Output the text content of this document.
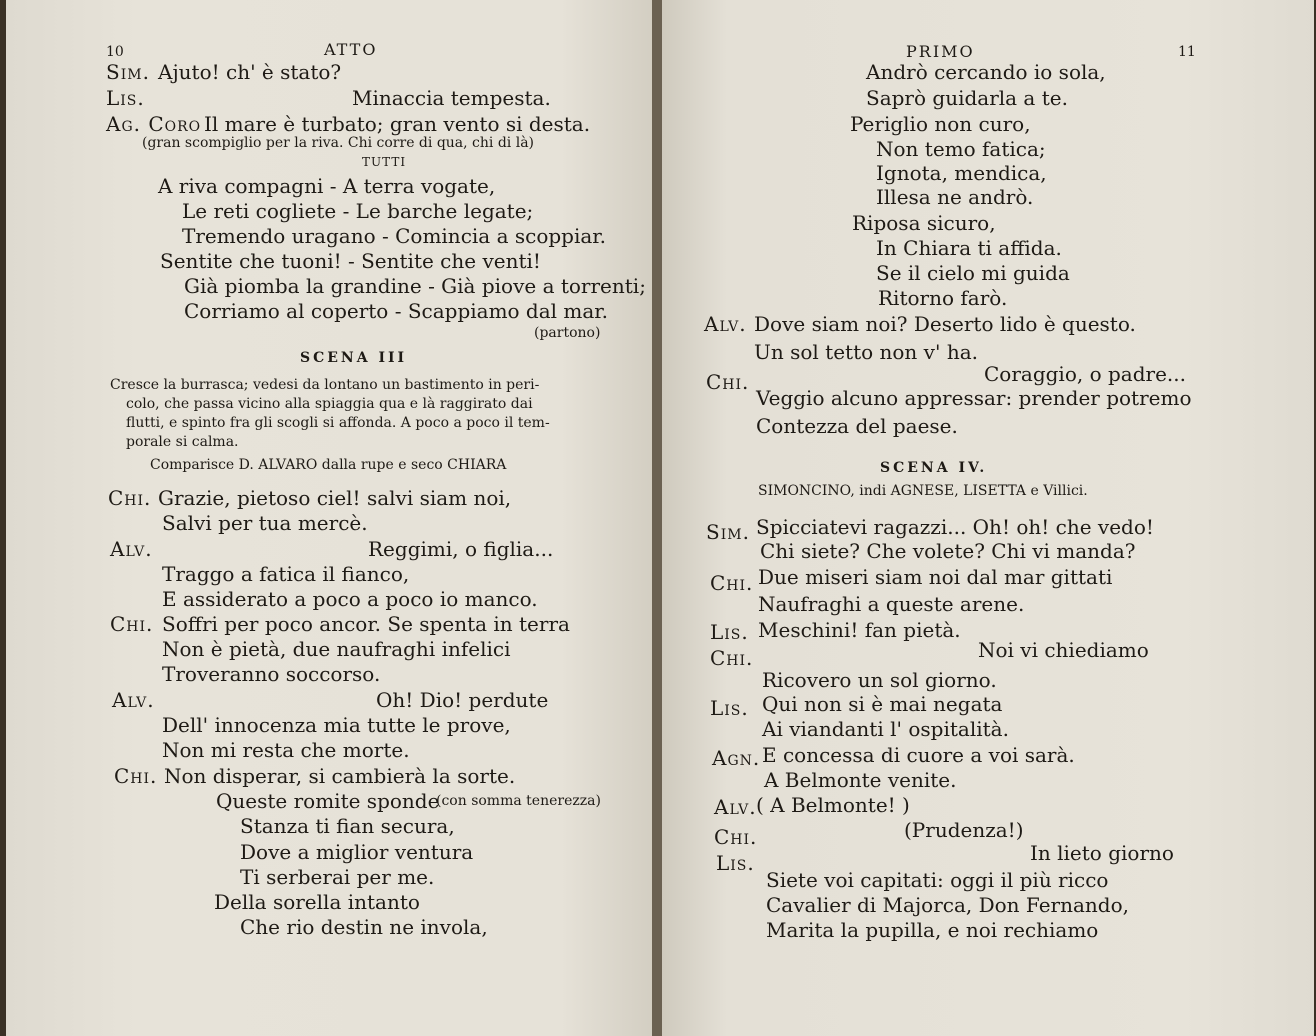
10	ATTO
Sim. Ajuto! ch' è stato?
Lis.	Minaccia tempesta.
Ag. Coro Il mare è turbato; gran vento si desta.
(gran scompiglio per la riva. Chi corre di qua, chi di là)
TUTTI
A riva compagni - A terra vogate,
Le reti cogliete - Le barche legate;
Tremendo uragano - Comincia a scoppiar.
Sentite che tuoni! - Sentite che venti!
Già piomba la grandine - Già piove a torrenti;
Corriamo al coperto - Scappiamo dal mar.
(partono)
SCENA III
Cresce la burrasca; vedesi da lontano un bastimento in peri-
colo, che passa vicino alla spiaggia qua e là raggirato dai
flutti, e spinto fra gli scogli si affonda. A poco a poco il tem-
porale si calma.
Comparisce D. ALVARO dalla rupe e seco CHIARA
Chi. Grazie, pietoso ciel! salvi siam noi,
Salvi per tua mercè.
Alv.	Reggimi, o figlia...
Traggo a fatica il fianco,
E assiderato a poco a poco io manco.
Chi. Soffri per poco ancor. Se spenta in terra
Non è pietà, due naufraghi infelici
Troveranno soccorso.
Alv.	Oh! Dio! perdute
Dell' innocenza mia tutte le prove,
Non mi resta che morte.
Chi. Non disperar, si cambierà la sorte.
Queste romite sponde
(con somma tenerezza)
Stanza ti fian secura,
Dove a miglior ventura
Ti serberai per me.
Della sorella intanto
Che rio destin ne invola,
PRIMO	11
Andrò cercando io sola,
Saprò guidarla a te.
Periglio non curo,
Non temo fatica;
Ignota, mendica,
Illesa ne andrò.
Riposa sicuro,
In Chiara ti affida.
Se il cielo mi guida
Ritorno farò.
Alv. Dove siam noi? Deserto lido è questo.
Un sol tetto non v' ha.
Chi.	Coraggio, o padre...
Veggio alcuno appressar: prender potremo
Contezza del paese.
SCENA IV.
SIMONCINO, indi AGNESE, LISETTA e Villici.
Sim. Spicciatevi ragazzi... Oh! oh! che vedo!
Chi siete? Che volete? Chi vi manda?
Chi. Due miseri siam noi dal mar gittati
Naufraghi a queste arene.
Lis. Meschini! fan pietà.
Chi.	Noi vi chiediamo
Ricovero un sol giorno.
Lis. Qui non si è mai negata
Ai viandanti l' ospitalità.
Agn. E concessa di cuore a voi sarà.
A Belmonte venite.
Alv. ( A Belmonte! )
Chi.	(Prudenza!)
Lis.	In lieto giorno
Siete voi capitati: oggi il più ricco
Cavalier di Majorca, Don Fernando,
Marita la pupilla, e noi rechiamo
